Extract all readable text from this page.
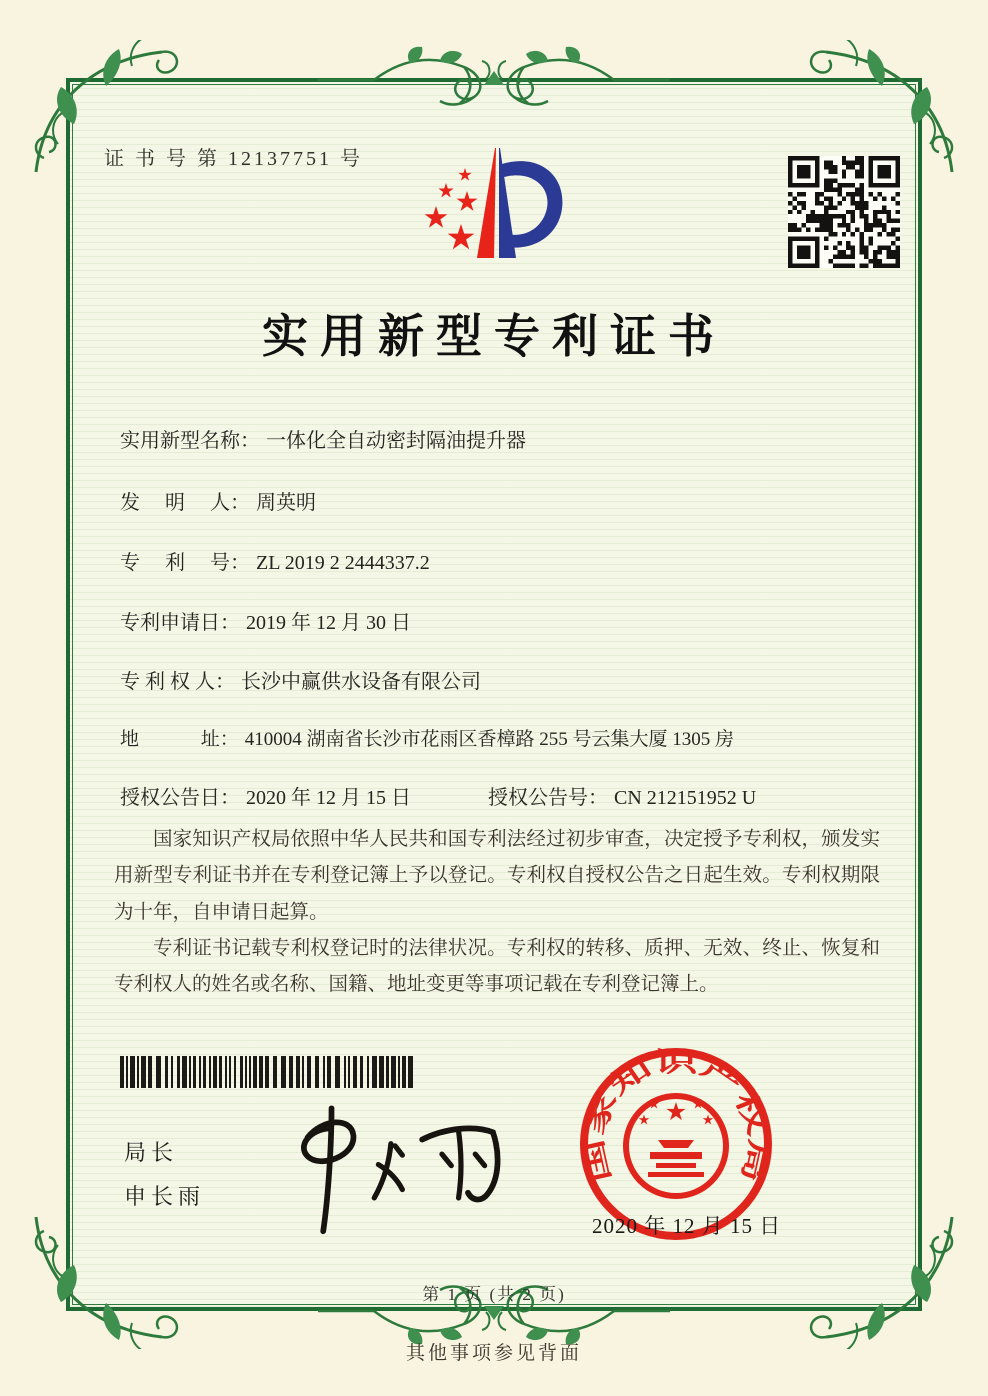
证 书 号 第 12137751 号
实用新型专利证书
实用新型名称： 一体化全自动密封隔油提升器
发　 明　 人： 周英明
专　 利　 号： ZL 2019 2 2444337.2
专利申请日： 2019 年 12 月 30 日
专 利 权 人： 长沙中赢供水设备有限公司
地　　　 址： 410004 湖南省长沙市花雨区香樟路 255 号云集大厦 1305 房
授权公告日： 2020 年 12 月 15 日	授权公告号： CN 212151952 U

国家知识产权局依照中华人民共和国专利法经过初步审查，决定授予专利权，颁发实用新型专利证书并在专利登记簿上予以登记。专利权自授权公告之日起生效。专利权期限为十年，自申请日起算。

专利证书记载专利权登记时的法律状况。专利权的转移、质押、无效、终止、恢复和专利权人的姓名或名称、国籍、地址变更等事项记载在专利登记簿上。

局长
申长雨
国家知识产权局
2020 年 12 月 15 日
第 1 页 (共 2 页)
其他事项参见背面
